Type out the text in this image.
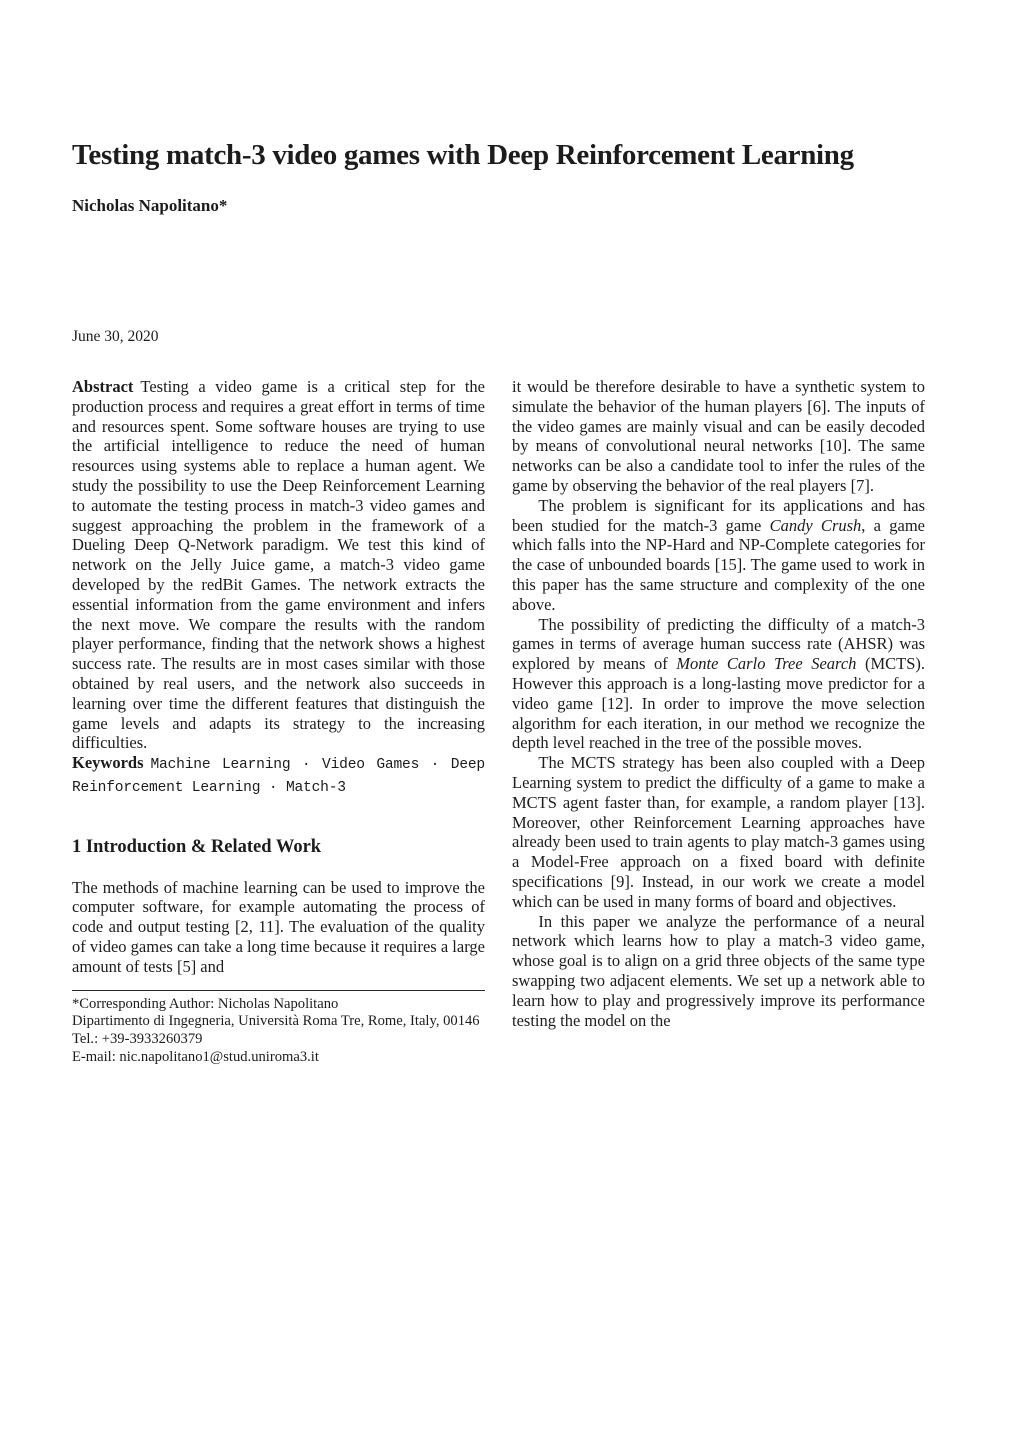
Testing match-3 video games with Deep Reinforcement Learning
Nicholas Napolitano*
June 30, 2020

Abstract Testing a video game is a critical step for the production process and requires a great effort in terms of time and resources spent. Some software houses are trying to use the artificial intelligence to reduce the need of human resources using systems able to replace a human agent. We study the possibility to use the Deep Reinforcement Learning to automate the testing process in match-3 video games and suggest approaching the problem in the framework of a Dueling Deep Q-Network paradigm. We test this kind of network on the Jelly Juice game, a match-3 video game developed by the redBit Games. The network extracts the essential information from the game environment and infers the next move. We compare the results with the random player performance, finding that the network shows a highest success rate. The results are in most cases similar with those obtained by real users, and the network also succeeds in learning over time the different features that distinguish the game levels and adapts its strategy to the increasing difficulties.

Keywords Machine Learning · Video Games · Deep Reinforcement Learning · Match-3

1 Introduction & Related Work

The methods of machine learning can be used to improve the computer software, for example automating the process of code and output testing [2, 11]. The evaluation of the quality of video games can take a long time because it requires a large amount of tests [5] and

*Corresponding Author: Nicholas Napolitano

Dipartimento di Ingegneria, Università Roma Tre, Rome, Italy, 00146

Tel.: +39-3933260379

E-mail: nic.napolitano1@stud.uniroma3.it

it would be therefore desirable to have a synthetic system to simulate the behavior of the human players [6]. The inputs of the video games are mainly visual and can be easily decoded by means of convolutional neural networks [10]. The same networks can be also a candidate tool to infer the rules of the game by observing the behavior of the real players [7].

The problem is significant for its applications and has been studied for the match-3 game Candy Crush, a game which falls into the NP-Hard and NP-Complete categories for the case of unbounded boards [15]. The game used to work in this paper has the same structure and complexity of the one above.

The possibility of predicting the difficulty of a match-3 games in terms of average human success rate (AHSR) was explored by means of Monte Carlo Tree Search (MCTS). However this approach is a long-lasting move predictor for a video game [12]. In order to improve the move selection algorithm for each iteration, in our method we recognize the depth level reached in the tree of the possible moves.

The MCTS strategy has been also coupled with a Deep Learning system to predict the difficulty of a game to make a MCTS agent faster than, for example, a random player [13]. Moreover, other Reinforcement Learning approaches have already been used to train agents to play match-3 games using a Model-Free approach on a fixed board with definite specifications [9]. Instead, in our work we create a model which can be used in many forms of board and objectives.

In this paper we analyze the performance of a neural network which learns how to play a match-3 video game, whose goal is to align on a grid three objects of the same type swapping two adjacent elements. We set up a network able to learn how to play and progressively improve its performance testing the model on the
